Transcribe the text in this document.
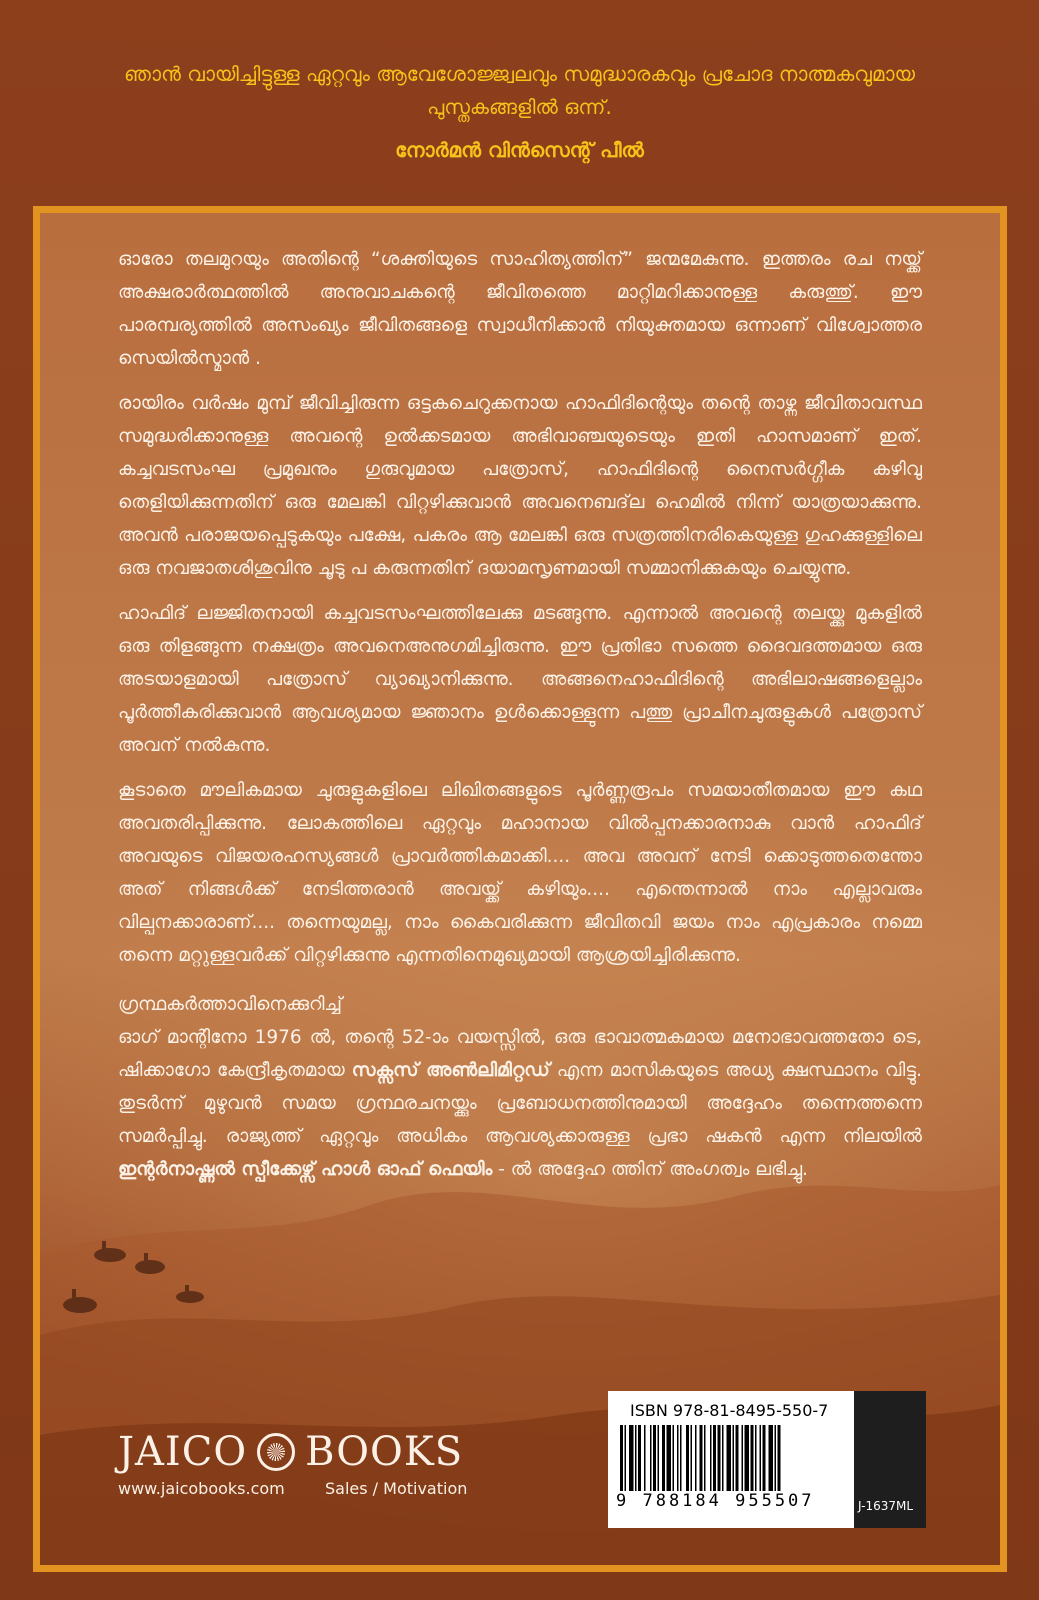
ഞാൻ വായിച്ചിട്ടുള്ള ഏറ്റവും ആവേശോജ്ജ്വലവും സമുദ്ധാരകവും പ്രചോദ നാത്മകവുമായ പുസ്തകങ്ങളിൽ ഒന്ന്.
നോർമൻ വിൻസെന്റ് പീൽ

ഓരോ തലമുറയും അതിന്റെ “ശക്തിയുടെ സാഹിത്യത്തിന്” ജന്മമേകുന്നു. ഇത്തരം രച നയ്ക്ക് അക്ഷരാർത്ഥത്തിൽ അനുവാചകന്റെ ജീവിതത്തെ മാറ്റിമറിക്കാനുള്ള കരുത്തു്. ഈ പാരമ്പര്യത്തിൽ അസംഖ്യം ജീവിതങ്ങളെ സ്വാധീനിക്കാൻ നിയുക്തമായ ഒന്നാണ് വിശ്വോത്തര സെയിൽസ്മാൻ .

രായിരം വർഷം മുമ്പ് ജീവിച്ചിരുന്ന ഒട്ടകചെറുക്കനായ ഹാഫിദിന്റെയും തന്റെ താഴ്ന്ന ജീവിതാവസ്ഥ സമുദ്ധരിക്കാനുള്ള അവന്റെ ഉൽക്കടമായ അഭിവാഞ്ചയുടെയും ഇതി ഹാസമാണ് ഇത്. കച്ചവടസംഘ പ്രമുഖനും ഗുരുവുമായ പത്രോസ്, ഹാഫിദിന്റെ നൈസർഗ്ഗീക കഴിവു തെളിയിക്കുന്നതിന് ഒരു മേലങ്കി വിറ്റഴിക്കുവാൻ അവനെബദ്‌ല ഹെമിൽ നിന്ന് യാത്രയാക്കുന്നു. അവൻ പരാജയപ്പെടുകയും പക്ഷേ, പകരം ആ മേലങ്കി ഒരു സത്രത്തിനരികെയുള്ള ഗുഹക്കുള്ളിലെ ഒരു നവജാതശിശുവിനു ചൂടു പ കരുന്നതിന് ദയാമസൃണമായി സമ്മാനിക്കുകയും ചെയ്യുന്നു.

ഹാഫിദ് ലജ്ജിതനായി കച്ചവടസംഘത്തിലേക്കു മടങ്ങുന്നു. എന്നാൽ അവന്റെ തലയ്ക്കു മുകളിൽ ഒരു തിളങ്ങുന്ന നക്ഷത്രം അവനെഅനുഗമിച്ചിരുന്നു. ഈ പ്രതിഭാ സത്തെ ദൈവദത്തമായ ഒരു അടയാളമായി പത്രോസ് വ്യാഖ്യാനിക്കുന്നു. അങ്ങനെഹാഫിദിന്റെ അഭിലാഷങ്ങളെല്ലാം പൂർത്തീകരിക്കുവാൻ ആവശ്യമായ ജ്ഞാനം ഉൾക്കൊള്ളുന്ന പത്തു പ്രാചീനചുരുളുകൾ പത്രോസ് അവന് നൽകുന്നു.

കൂടാതെ മൗലികമായ ചുരുളുകളിലെ ലിഖിതങ്ങളുടെ പൂർണ്ണരൂപം സമയാതീതമായ ഈ കഥ അവതരിപ്പിക്കുന്നു. ലോകത്തിലെ ഏറ്റവും മഹാനായ വിൽപ്പനക്കാരനാകു വാൻ ഹാഫിദ് അവയുടെ വിജയരഹസ്യങ്ങൾ പ്രാവർത്തികമാക്കി.... അവ അവന് നേടി ക്കൊടുത്തതെന്തോ അത് നിങ്ങൾക്ക് നേടിത്തരാൻ അവയ്ക്ക് കഴിയും.... എന്തെന്നാൽ നാം എല്ലാവരും വില്പനക്കാരാണ്.... തന്നെയുമല്ല, നാം കൈവരിക്കുന്ന ജീവിതവി ജയം നാം എപ്രകാരം നമ്മെ തന്നെ മറ്റുള്ളവർക്ക് വിറ്റഴിക്കുന്നു എന്നതിനെമുഖ്യമായി ആശ്രയിച്ചിരിക്കുന്നു.

ഗ്രന്ഥകർത്താവിനെക്കുറിച്ച്
ഓഗ് മാന്റിനോ 1976 ൽ, തന്റെ 52-ാം വയസ്സിൽ, ഒരു ഭാവാത്മകമായ മനോഭാവത്തതോ ടെ, ഷിക്കാഗോ കേന്ദ്രീകൃതമായ സക്സസ് അൺലിമിറ്റഡ് എന്ന മാസികയുടെ അധ്യ ക്ഷസ്ഥാനം വിട്ടു. തുടർന്ന് മുഴുവൻ സമയ ഗ്രന്ഥരചനയ്ക്കും പ്രബോധനത്തിനുമായി അദ്ദേഹം തന്നെത്തന്നെ സമർപ്പിച്ചു. രാജ്യത്ത് ഏറ്റവും അധികം ആവശ്യക്കാരുള്ള പ്രഭാ ഷകൻ എന്ന നിലയിൽ ഇന്റർനാഷ്ണൽ സ്പീക്കേഴ്സ് ഹാൾ ഓഫ് ഫെയിം - ൽ അദ്ദേഹ ത്തിന് അംഗത്വം ലഭിച്ചു.
JAICO BOOKS
www.jaicobooks.com	Sales / Motivation
ISBN 978-81-8495-550-7
9 788184 955507	J-1637ML
